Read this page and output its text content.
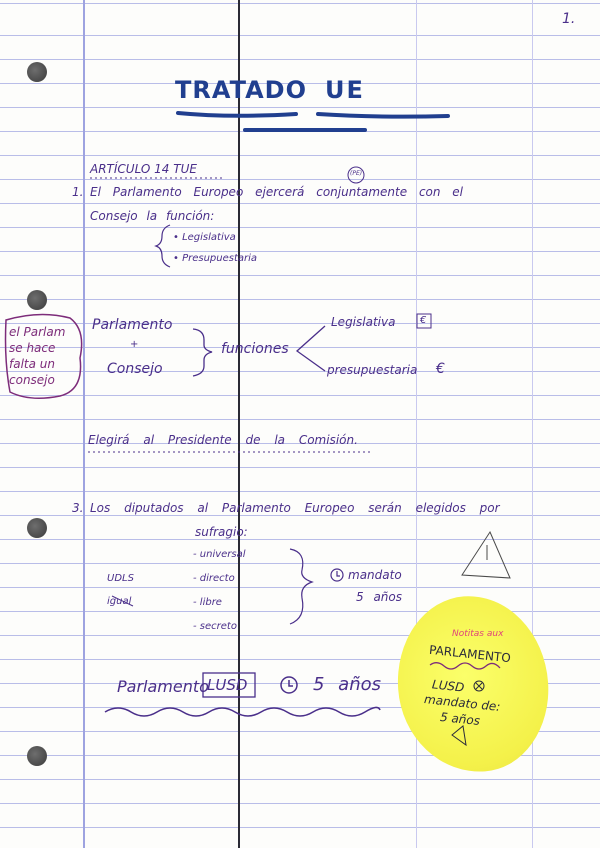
1.
TRATADO UE
ARTÍCULO 14 TUE	(PE)
1. El Parlamento Europeo ejercerá conjuntamente con el
Consejo la función:
• Legislativa
• Presupuestaria
el Parlam
se hace
falta un
consejo
Parlamento
+
Consejo
funciones
Legislativa €
presupuestaria €
Elegirá al Presidente de la Comisión.
3. Los diputados al Parlamento Europeo serán elegidos por
sufragio:
- universal
- directo
- libre
- secreto
UDLS
igual
mandato
5 años
Parlamento
LUSD	5 años
Notitas aux
PARLAMENTO
LUSD
mandato de:
5 años
